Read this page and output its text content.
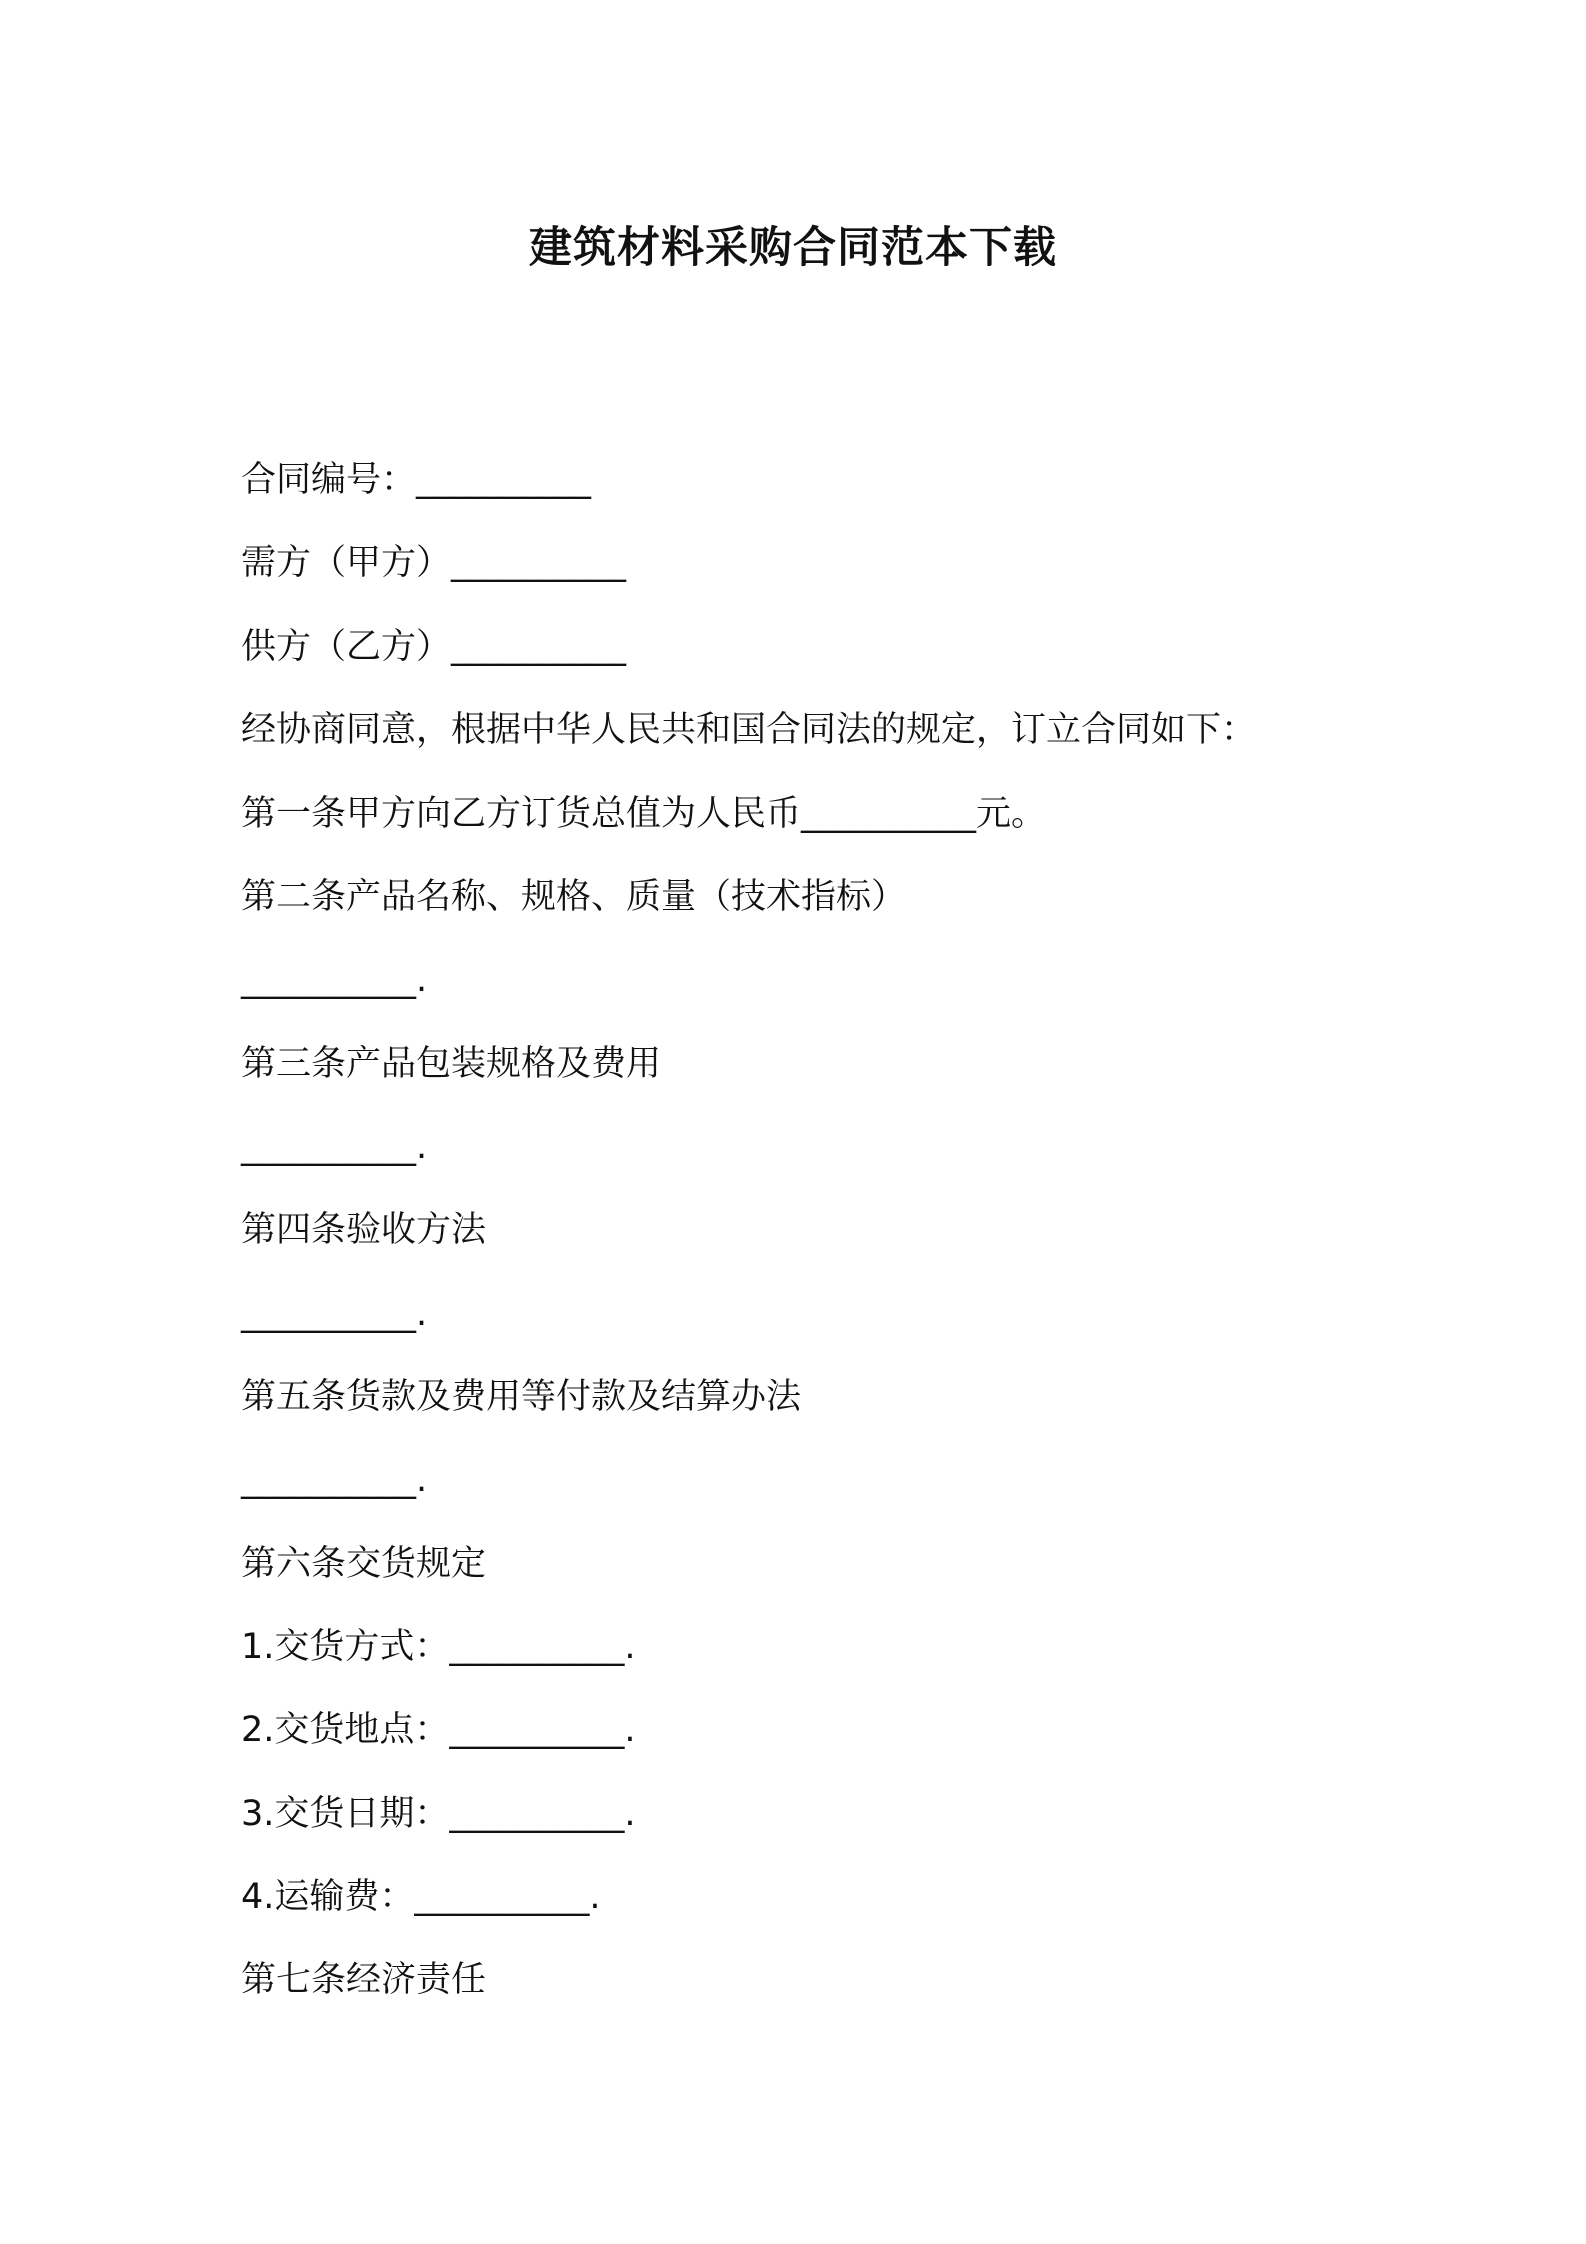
建筑材料采购合同范本下载
合同编号：__________
需方（甲方）__________
供方（乙方）__________
经协商同意，根据中华人民共和国合同法的规定，订立合同如下：
第一条甲方向乙方订货总值为人民币__________元。
第二条产品名称、规格、质量（技术指标）
__________.
第三条产品包装规格及费用
__________.
第四条验收方法
__________.
第五条货款及费用等付款及结算办法
__________.
第六条交货规定
1.交货方式：__________.
2.交货地点：__________.
3.交货日期：__________.
4.运输费：__________.
第七条经济责任
